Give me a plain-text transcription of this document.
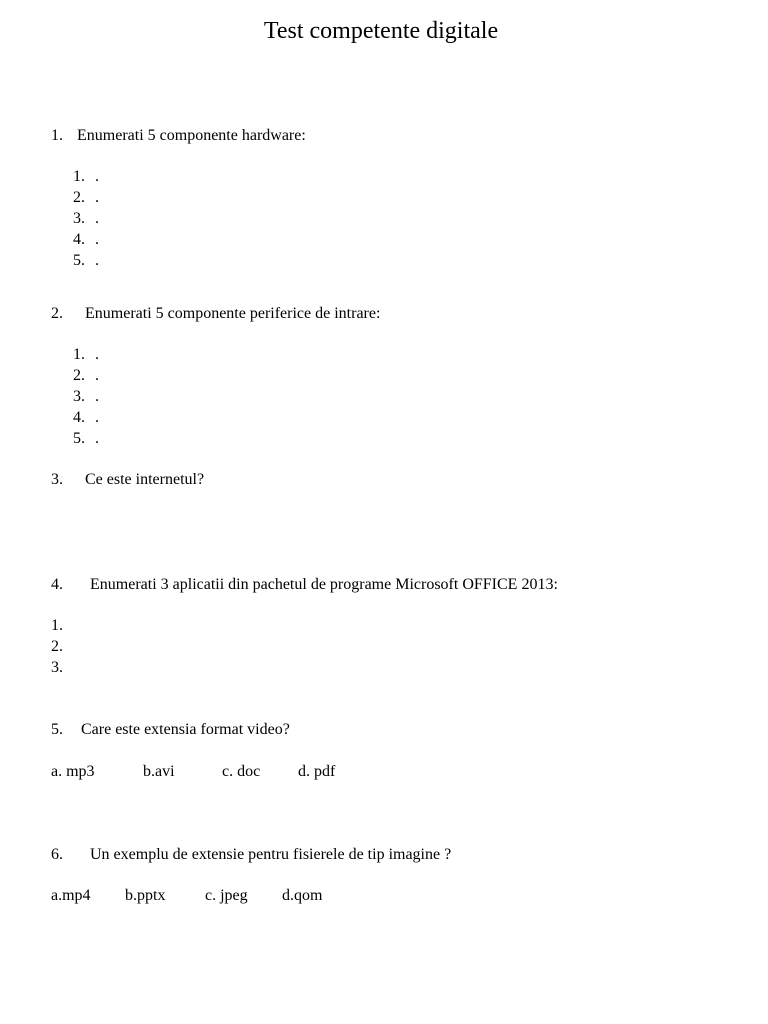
Test competente digitale
1. Enumerati 5 componente hardware:
1. .
2. .
3. .
4. .
5. .
2. Enumerati 5 componente periferice de intrare:
1. .
2. .
3. .
4. .
5. .
3. Ce este internetul?
4. Enumerati 3 aplicatii din pachetul de programe Microsoft OFFICE 2013:
1.
2.
3.
5. Care este extensia format video?
a. mp3	b.avi	c. doc d. pdf
6. Un exemplu de extensie pentru fisierele de tip imagine ?
a.mp4 b.pptx c. jpeg d.qom
